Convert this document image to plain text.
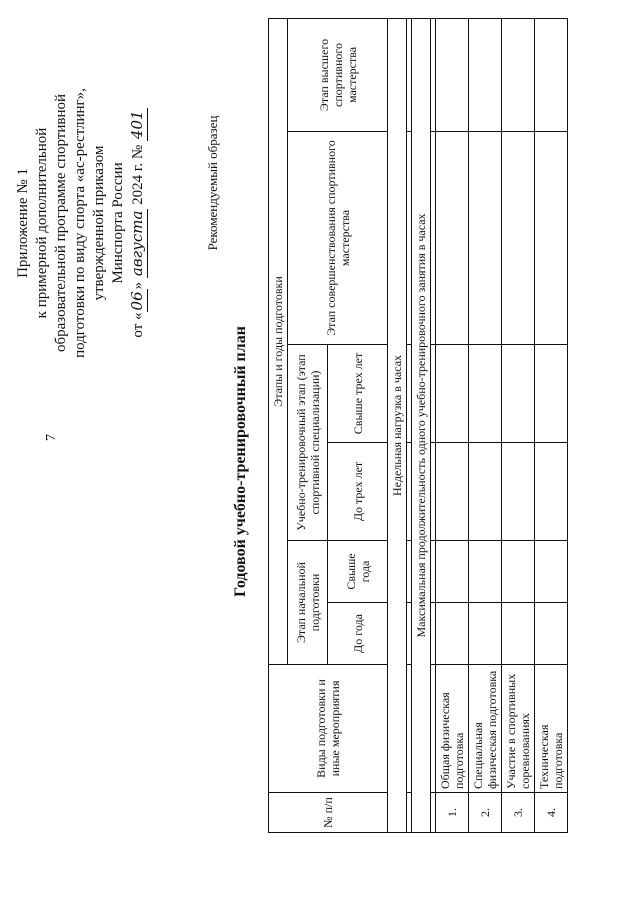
7
Приложение № 1 к примерной дополнительной образовательной программе спортивной подготовки по виду спорта «ас-рестлинг», утвержденной приказом Минспорта России
от «06» августа 2024 г. № 401	Рекомендуемый образец
Годовой учебно-тренировочный план
№ п/п	Виды подготовки и иные мероприятия	Этапы и годы подготовки					
		Этап начальной подготовки		Учебно-тренировочный этап (этап спортивной специализации)		Этап совершенствования спортивного мастерства	Этап высшего спортивного мастерства
		До года	Свыше года	До трех лет	Свыше трех лет		
Недельная нагрузка в часах							

Максимальная продолжительность одного учебно-тренировочного занятия в часах							

1.	Общая физическая подготовка						
2.	Специальная физическая подготовка						
3.	Участие в спортивных соревнованиях						
4.	Техническая подготовка						
